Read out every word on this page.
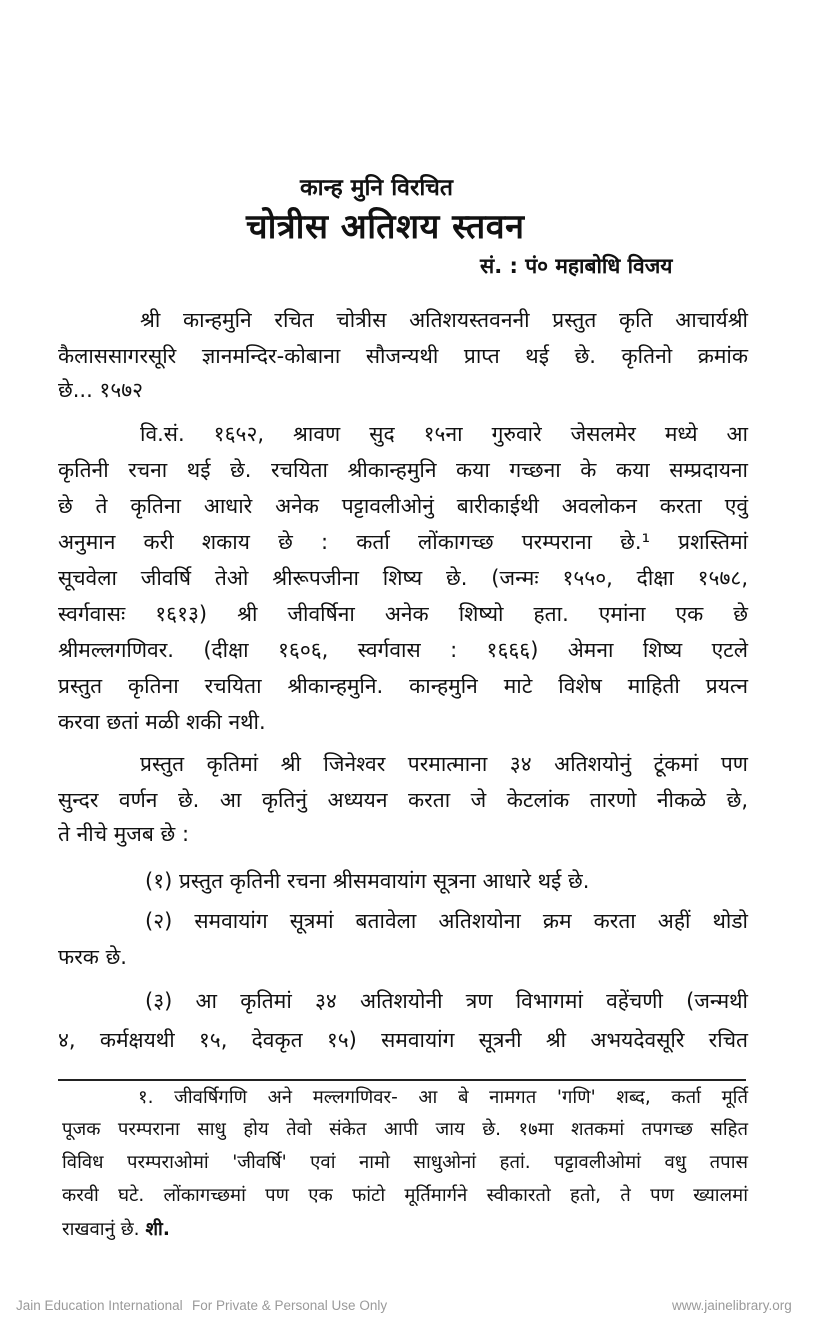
कान्ह मुनि विरचित
चोत्रीस अतिशय स्तवन
सं. : पं० महाबोधि विजय
श्री कान्हमुनि रचित चोत्रीस अतिशयस्तवननी प्रस्तुत कृति आचार्यश्री
कैलाससागरसूरि ज्ञानमन्दिर-कोबाना सौजन्यथी प्राप्त थई छे. कृतिनो क्रमांक
छे... १५७२
वि.सं. १६५२, श्रावण सुद १५ना गुरुवारे जेसलमेर मध्ये आ
कृतिनी रचना थई छे. रचयिता श्रीकान्हमुनि कया गच्छना के कया सम्प्रदायना
छे ते कृतिना आधारे अनेक पट्टावलीओनुं बारीकाईथी अवलोकन करता एवुं
अनुमान करी शकाय छे : कर्ता लोंकागच्छ परम्पराना छे.¹ प्रशस्तिमां
सूचवेला जीवर्षि तेओ श्रीरूपजीना शिष्य छे. (जन्मः १५५०, दीक्षा १५७८,
स्वर्गवासः १६१३) श्री जीवर्षिना अनेक शिष्यो हता. एमांना एक छे
श्रीमल्लगणिवर. (दीक्षा १६०६, स्वर्गवास : १६६६) अेमना शिष्य एटले
प्रस्तुत कृतिना रचयिता श्रीकान्हमुनि. कान्हमुनि माटे विशेष माहिती प्रयत्न
करवा छतां मळी शकी नथी.
प्रस्तुत कृतिमां श्री जिनेश्वर परमात्माना ३४ अतिशयोनुं टूंकमां पण
सुन्दर वर्णन छे. आ कृतिनुं अध्ययन करता जे केटलांक तारणो नीकळे छे,
ते नीचे मुजब छे :
(१) प्रस्तुत कृतिनी रचना श्रीसमवायांग सूत्रना आधारे थई छे.
(२) समवायांग सूत्रमां बतावेला अतिशयोना क्रम करता अहीं थोडो
फरक छे.
(३) आ कृतिमां ३४ अतिशयोनी त्रण विभागमां वहेंचणी (जन्मथी
४, कर्मक्षयथी १५, देवकृत १५) समवायांग सूत्रनी श्री अभयदेवसूरि रचित
१. जीवर्षिगणि अने मल्लगणिवर- आ बे नामगत 'गणि' शब्द, कर्ता मूर्ति
पूजक परम्पराना साधु होय तेवो संकेत आपी जाय छे. १७मा शतकमां तपगच्छ सहित
विविध परम्पराओमां 'जीवर्षि' एवां नामो साधुओनां हतां. पट्टावलीओमां वधु तपास
करवी घटे. लोंकागच्छमां पण एक फांटो मूर्तिमार्गने स्वीकारतो हतो, ते पण ख्यालमां
राखवानुं छे. शी.
Jain Education International For Private & Personal Use Only	www.jainelibrary.org
